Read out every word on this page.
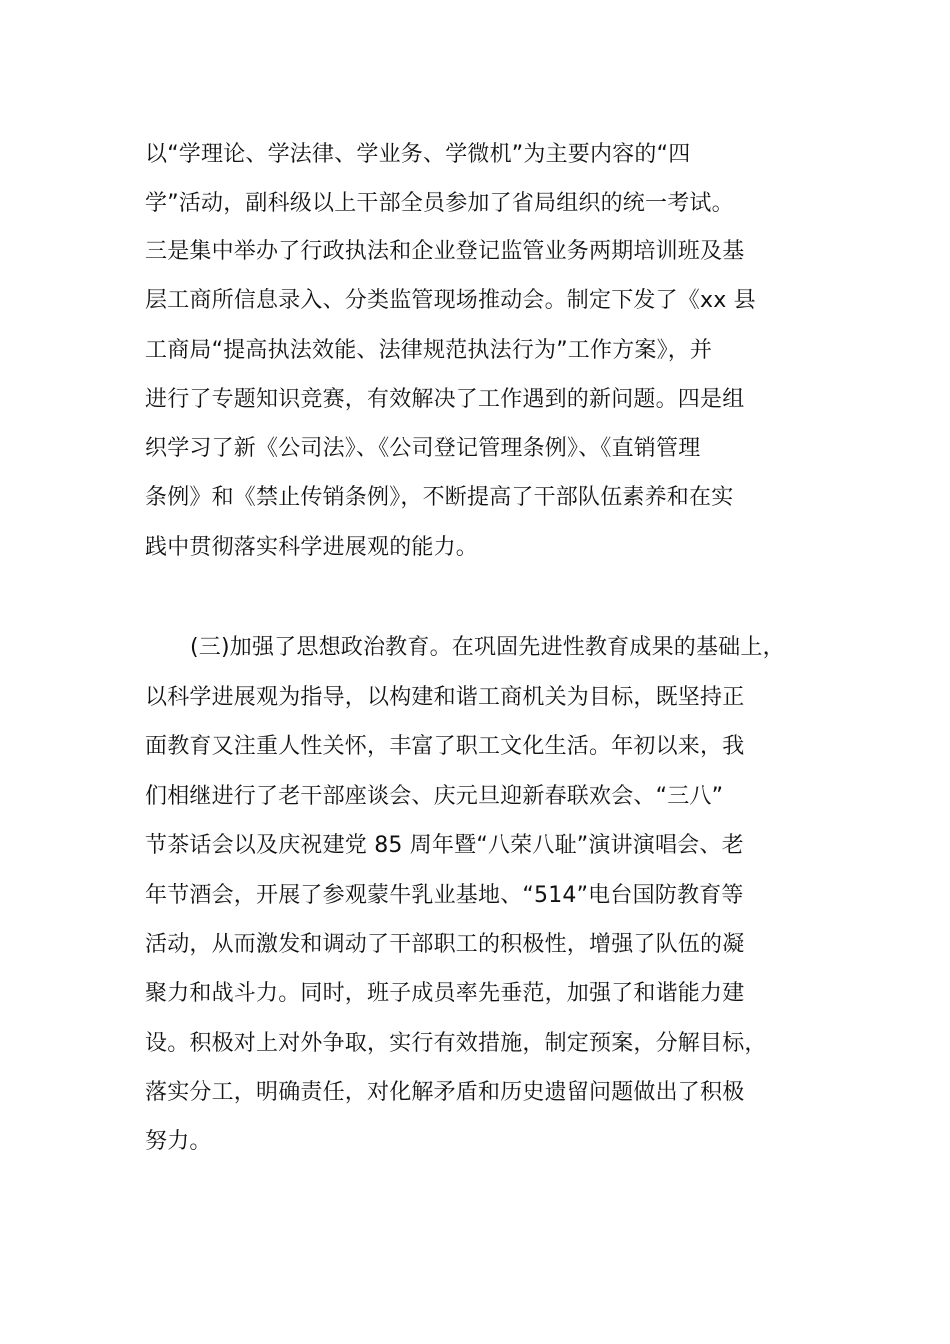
以“学理论、学法律、学业务、学微机”为主要内容的“四
学”活动，副科级以上干部全员参加了省局组织的统一考试。
三是集中举办了行政执法和企业登记监管业务两期培训班及基
层工商所信息录入、分类监管现场推动会。制定下发了《xx 县
工商局“提高执法效能、法律规范执法行为”工作方案》，并
进行了专题知识竞赛，有效解决了工作遇到的新问题。四是组
织学习了新《公司法》、《公司登记管理条例》、《直销管理
条例》和《禁止传销条例》，不断提高了干部队伍素养和在实
践中贯彻落实科学进展观的能力。
(三)加强了思想政治教育。在巩固先进性教育成果的基础上，
以科学进展观为指导，以构建和谐工商机关为目标，既坚持正
面教育又注重人性关怀，丰富了职工文化生活。年初以来，我
们相继进行了老干部座谈会、庆元旦迎新春联欢会、“三八”
节茶话会以及庆祝建党 85 周年暨“八荣八耻”演讲演唱会、老
年节酒会，开展了参观蒙牛乳业基地、“514”电台国防教育等
活动，从而激发和调动了干部职工的积极性，增强了队伍的凝
聚力和战斗力。同时，班子成员率先垂范，加强了和谐能力建
设。积极对上对外争取，实行有效措施，制定预案，分解目标，
落实分工，明确责任，对化解矛盾和历史遗留问题做出了积极
努力。
